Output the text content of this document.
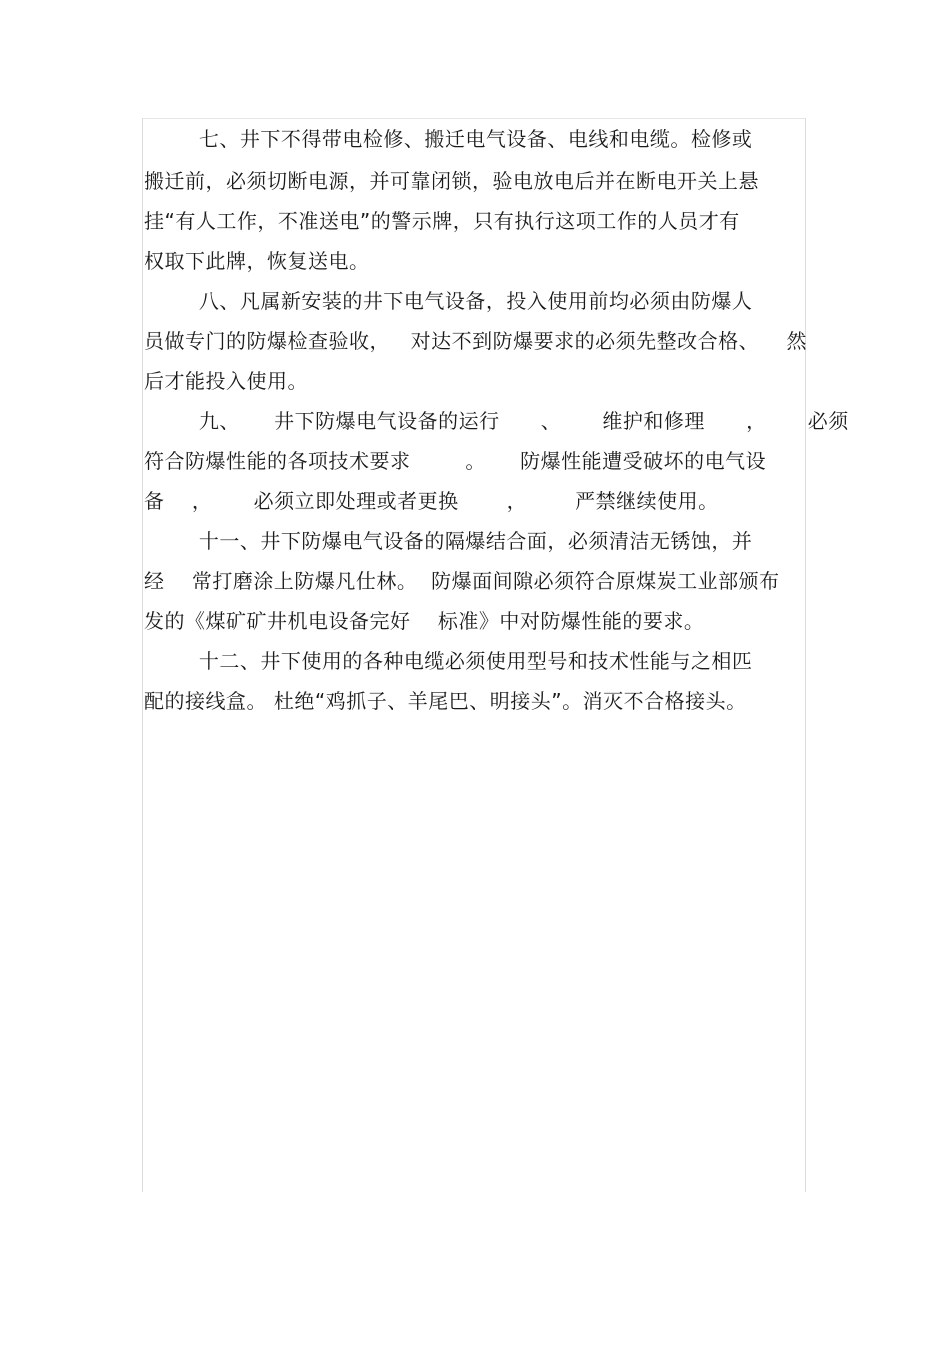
七、井下不得带电检修、搬迁电气设备、电线和电缆。检修或
搬迁前，必须切断电源，并可靠闭锁，验电放电后并在断电开关上悬
挂“有人工作，不准送电”的警示牌，只有执行这项工作的人员才有
权取下此牌，恢复送电。
八、凡属新安装的井下电气设备，投入使用前均必须由防爆人
员做专门的防爆检查验收，   对达不到防爆要求的必须先整改合格、    然
后才能投入使用。
九、     井下防爆电气设备的运行      、      维护和修理      ，      必须
符合防爆性能的各项技术要求        。     防爆性能遭受破坏的电气设
备    ，      必须立即处理或者更换       ，       严禁继续使用。
十一、井下防爆电气设备的隔爆结合面，必须清洁无锈蚀，并
经    常打磨涂上防爆凡仕林。  防爆面间隙必须符合原煤炭工业部颁布
发的《煤矿矿井机电设备完好    标准》中对防爆性能的要求。
十二、井下使用的各种电缆必须使用型号和技术性能与之相匹
配的接线盒。 杜绝“鸡抓子、羊尾巴、明接头”。消灭不合格接头。
